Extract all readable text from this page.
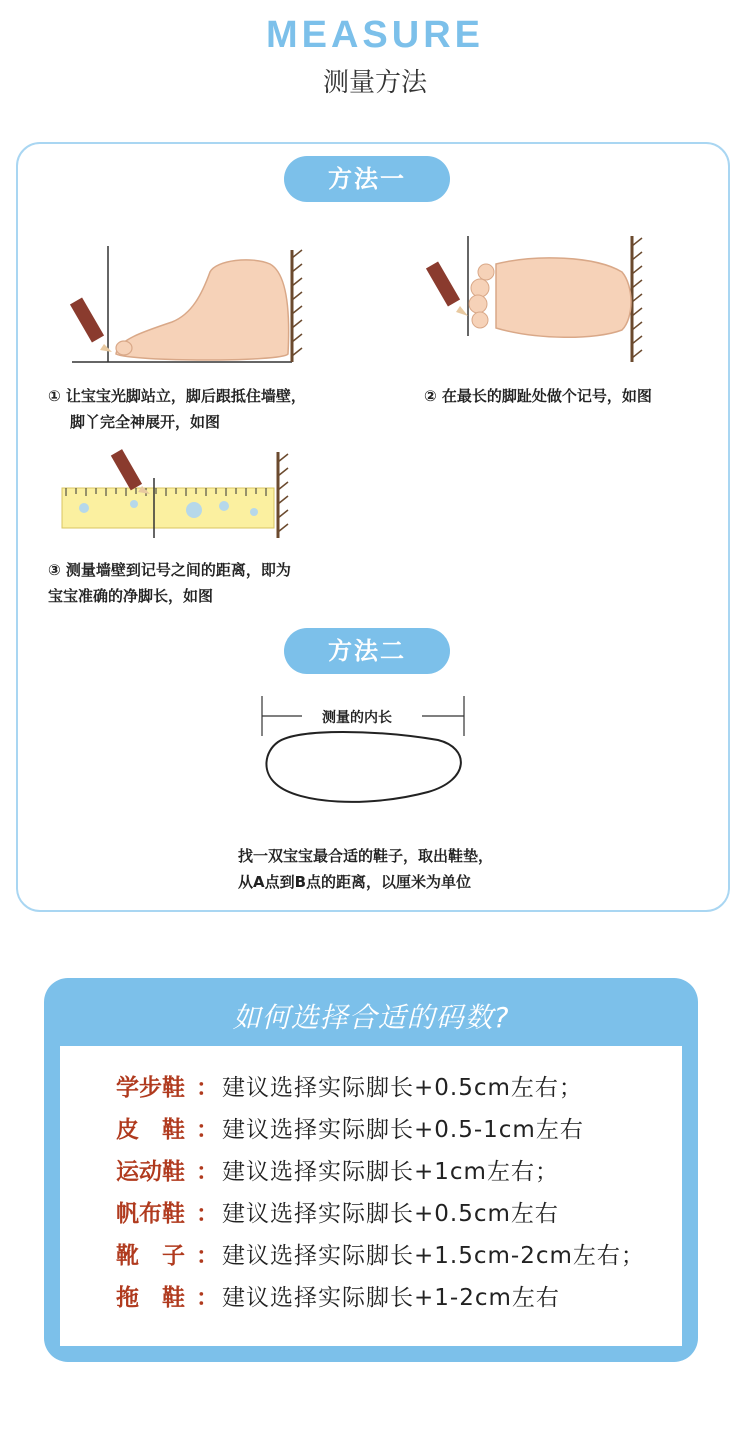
MEASURE
测量方法
方法一
① 让宝宝光脚站立，脚后跟抵住墙壁，
脚丫完全神展开，如图
② 在最长的脚趾处做个记号，如图
③ 测量墙壁到记号之间的距离，即为
宝宝准确的净脚长，如图
方法二
测量的内长
找一双宝宝最合适的鞋子，取出鞋垫，
从A点到B点的距离，以厘米为单位
如何选择合适的码数?
学步鞋 ： 建议选择实际脚长+0.5cm左右；
皮　鞋 ： 建议选择实际脚长+0.5-1cm左右
运动鞋 ： 建议选择实际脚长+1cm左右；
帆布鞋 ： 建议选择实际脚长+0.5cm左右
靴　子 ： 建议选择实际脚长+1.5cm-2cm左右；
拖　鞋 ： 建议选择实际脚长+1-2cm左右
